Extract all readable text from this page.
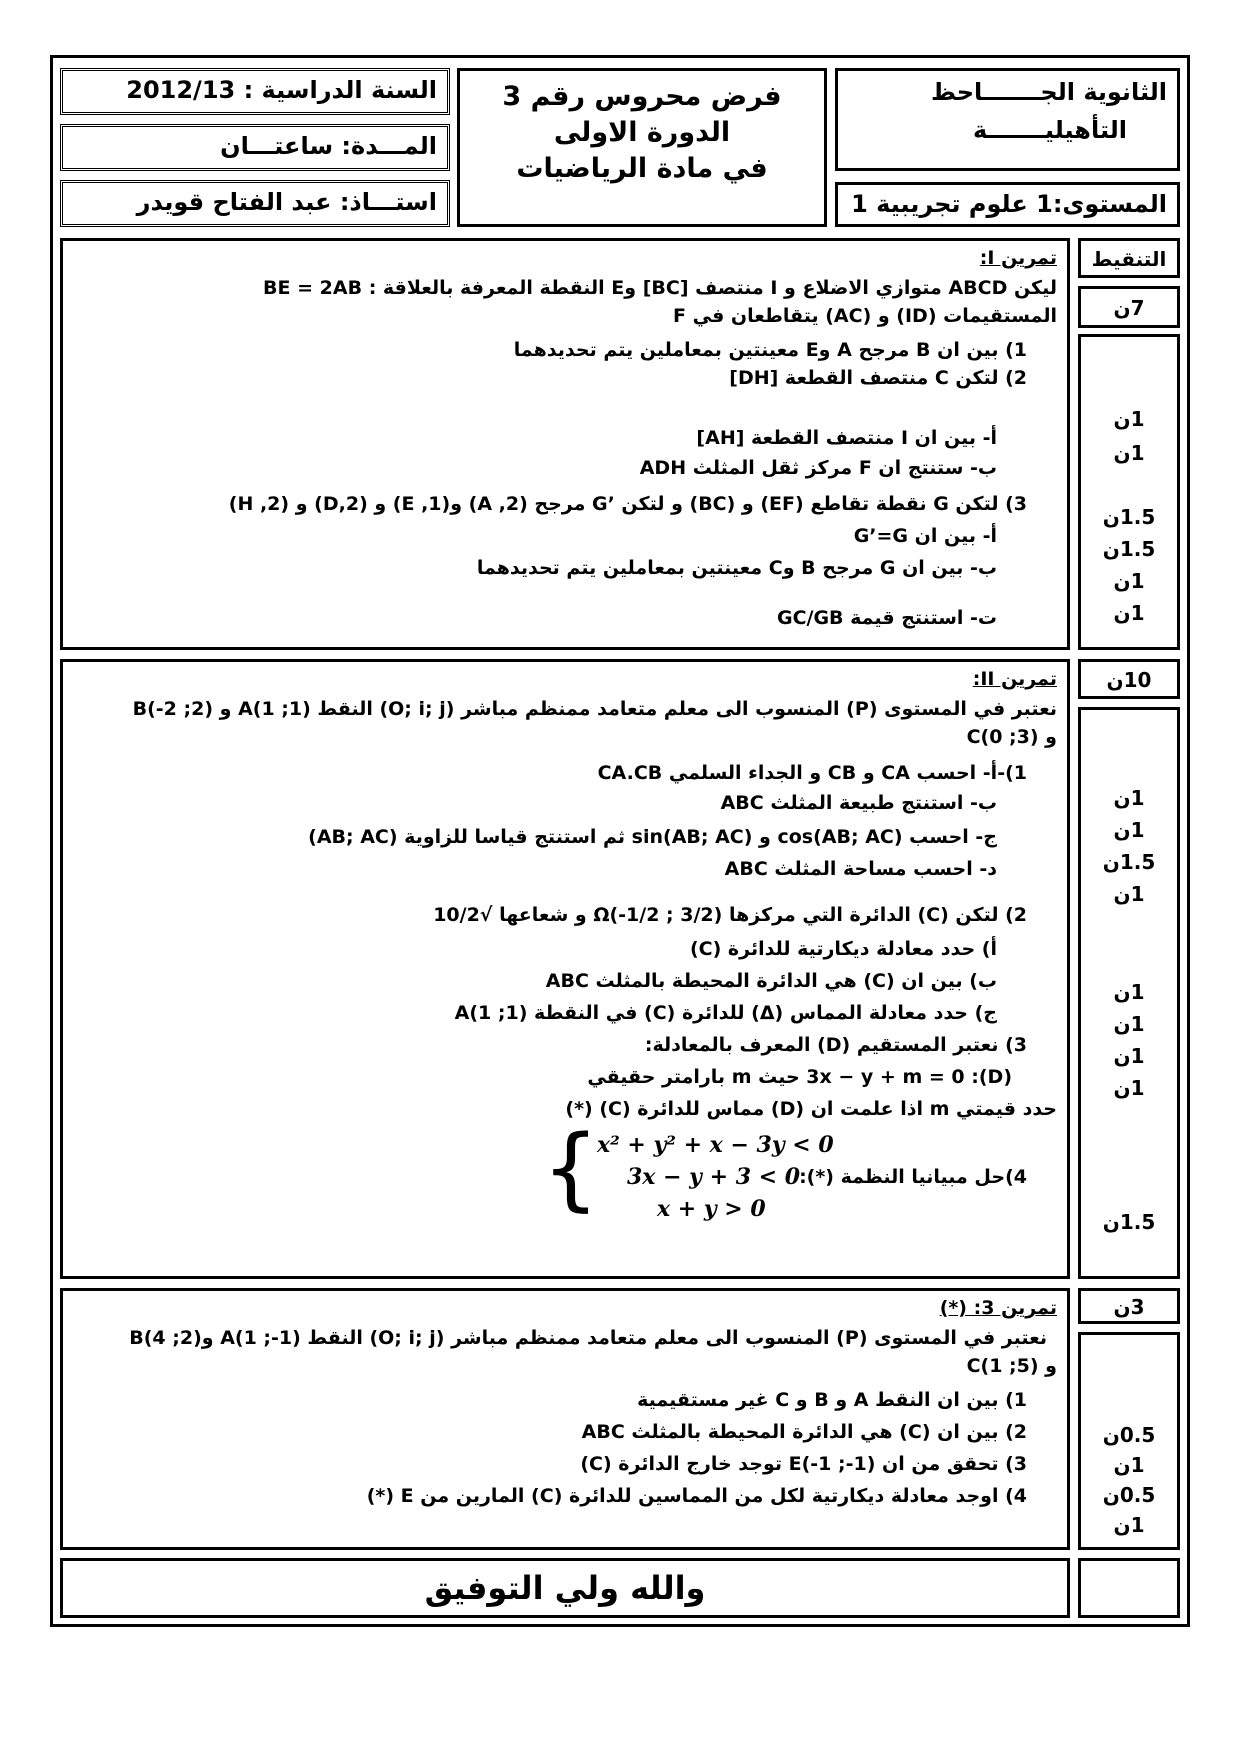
الثانوية الجـــــــاحظ
التأهيليـــــــة
المستوى:1 علوم تجريبية 1
فرض محروس رقم 3
الدورة الاولى
في مادة الرياضيات
السنة الدراسية : 2012/13
المـــدة: ساعتـــان
استـــاذ: عبد الفتاح قويدر
التنقيط
تمرين I:
ليكن ABCD متوازي الاضلاع و I منتصف [BC] وE النقطة المعرفة بالعلاقة : BE = 2AB
المستقيمات (ID) و (AC) يتقاطعان في F
1) بين ان B مرجح A وE معينتين بمعاملين يتم تحديدهما
2) لتكن C منتصف القطعة [DH]
أ- بين ان I منتصف القطعة [AH]
ب- ستنتج ان F مركز ثقل المثلث ADH
3) لتكن G نقطة تقاطع (EF) و (BC) و لتكن ’G مرجح (A ,2) و(E ,1) و (D,2) و (H ,2)
أ- بين ان G’=G
ب- بين ان G مرجح B وC معينتين بمعاملين يتم تحديدهما
ت- استنتج قيمة GC/GB
7ن
1ن
1ن
1.5ن
1.5ن
1ن
1ن
تمرين II:
نعتبر في المستوى (P) المنسوب الى معلم متعامد ممنظم مباشر (O; i; j) النقط A(1 ;1) و (2; 2-)B
و C(0 ;3)
1)-أ- احسب CA و CB و الجداء السلمي CA.CB
ب- استنتج طبيعة المثلث ABC
ج- احسب cos(AB; AC) و sin(AB; AC) ثم استنتج قياسا للزاوية (AB; AC)
د- احسب مساحة المثلث ABC
2) لتكن (C) الدائرة التي مركزها Ω(-1/2 ; 3/2) و شعاعها √10/2
أ) حدد معادلة ديكارتية للدائرة (C)
ب) بين ان (C) هي الدائرة المحيطة بالمثلث ABC
ج) حدد معادلة المماس (Δ) للدائرة (C) في النقطة A(1 ;1)
3) نعتبر المستقيم (D) المعرف بالمعادلة:
(D): 3x − y + m = 0 حيث m بارامتر حقيقي
حدد قيمتي m اذا علمت ان (D) مماس للدائرة (C) (*)
4)حل مبيانيا النظمة (*):
{
x² + y² + x − 3y < 0
3x − y + 3 < 0
x + y > 0
10ن
1ن
1ن
1.5ن
1ن
1ن
1ن
1ن
1ن
1.5ن
تمرين 3: (*)
نعتبر في المستوى (P) المنسوب الى معلم متعامد ممنظم مباشر (O; i; j) النقط A(1 ;-1) و(2; 4)B
و C(1 ;5)
1) بين ان النقط A و B و C غير مستقيمية
2) بين ان (C) هي الدائرة المحيطة بالمثلث ABC
3) تحقق من ان E(-1 ;-1) توجد خارج الدائرة (C)
4) اوجد معادلة ديكارتية لكل من المماسين للدائرة (C) المارين من E (*)
3ن
0.5ن
1ن
0.5ن
1ن
والله ولي التوفيق
